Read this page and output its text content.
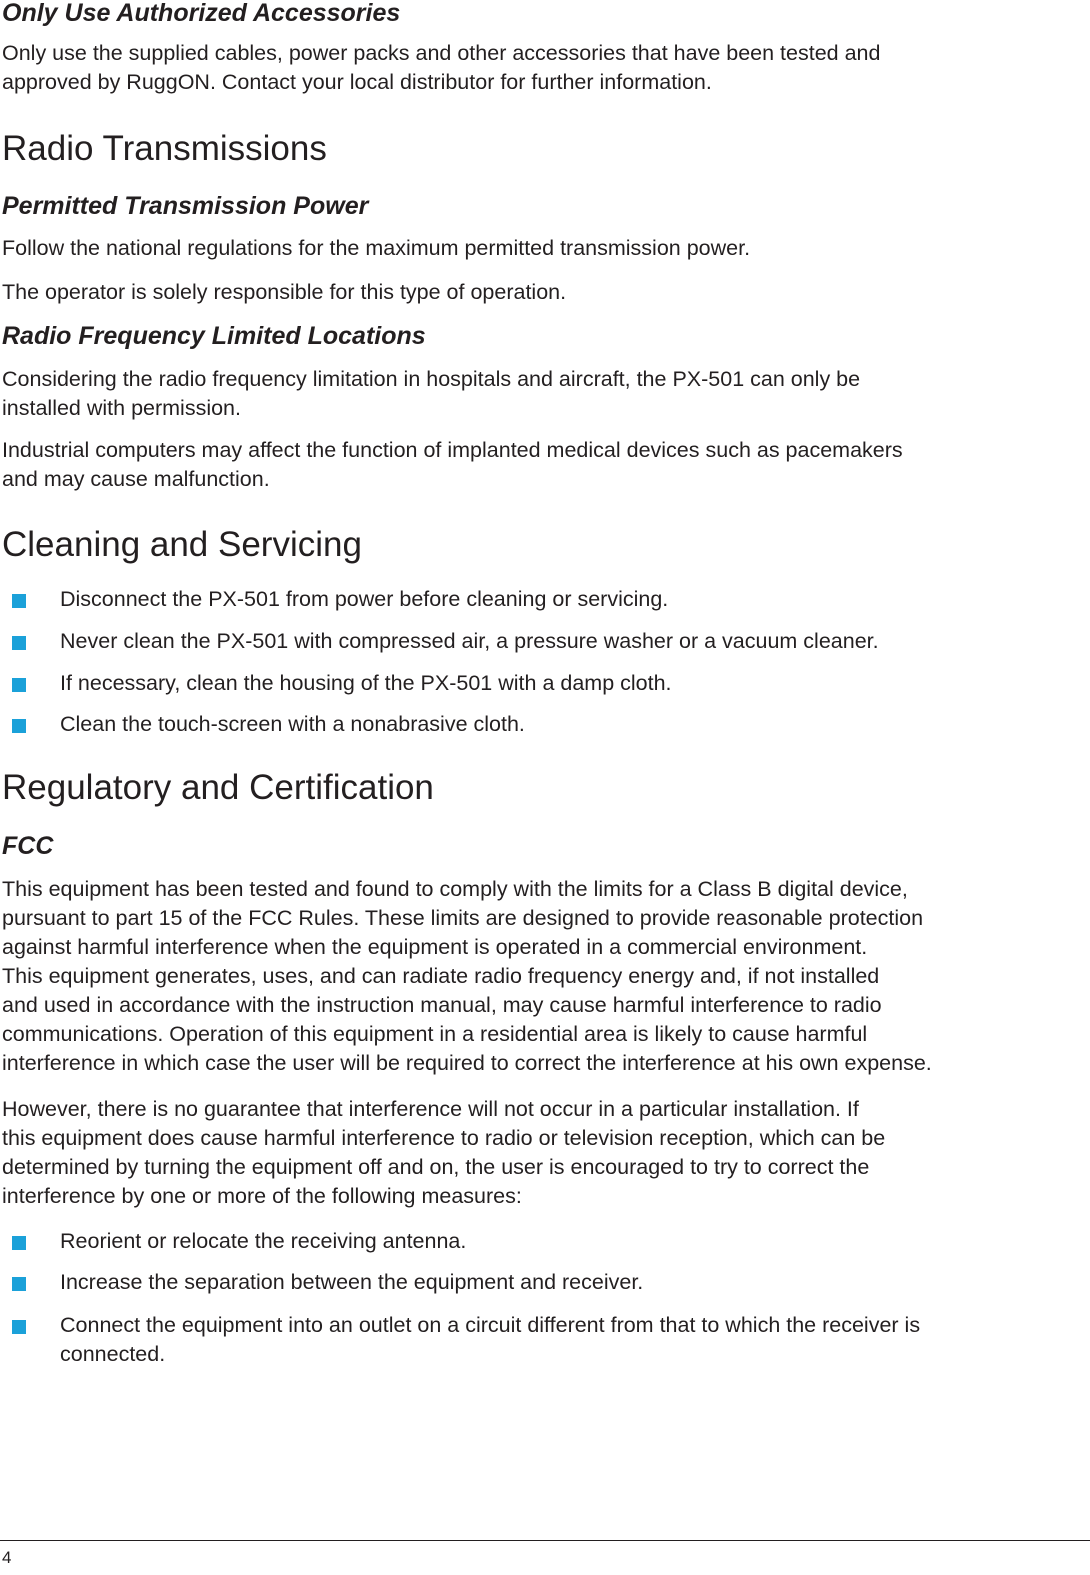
Only Use Authorized Accessories
Only use the supplied cables, power packs and other accessories that have been tested and
approved by RuggON. Contact your local distributor for further information.
Radio Transmissions
Permitted Transmission Power
Follow the national regulations for the maximum permitted transmission power.
The operator is solely responsible for this type of operation.
Radio Frequency Limited Locations
Considering the radio frequency limitation in hospitals and aircraft, the PX-501 can only be
installed with permission.
Industrial computers may affect the function of implanted medical devices such as pacemakers
and may cause malfunction.
Cleaning and Servicing
Disconnect the PX-501 from power before cleaning or servicing.
Never clean the PX-501 with compressed air, a pressure washer or a vacuum cleaner.
If necessary, clean the housing of the PX-501 with a damp cloth.
Clean the touch-screen with a nonabrasive cloth.
Regulatory and Certification
FCC
This equipment has been tested and found to comply with the limits for a Class B digital device,
pursuant to part 15 of the FCC Rules. These limits are designed to provide reasonable protection
against harmful interference when the equipment is operated in a commercial environment.
This equipment generates, uses, and can radiate radio frequency energy and, if not installed
and used in accordance with the instruction manual, may cause harmful interference to radio
communications. Operation of this equipment in a residential area is likely to cause harmful
interference in which case the user will be required to correct the interference at his own expense.
However, there is no guarantee that interference will not occur in a particular installation. If
this equipment does cause harmful interference to radio or television reception, which can be
determined by turning the equipment off and on, the user is encouraged to try to correct the
interference by one or more of the following measures:
Reorient or relocate the receiving antenna.
Increase the separation between the equipment and receiver.
Connect the equipment into an outlet on a circuit different from that to which the receiver is
connected.
4
